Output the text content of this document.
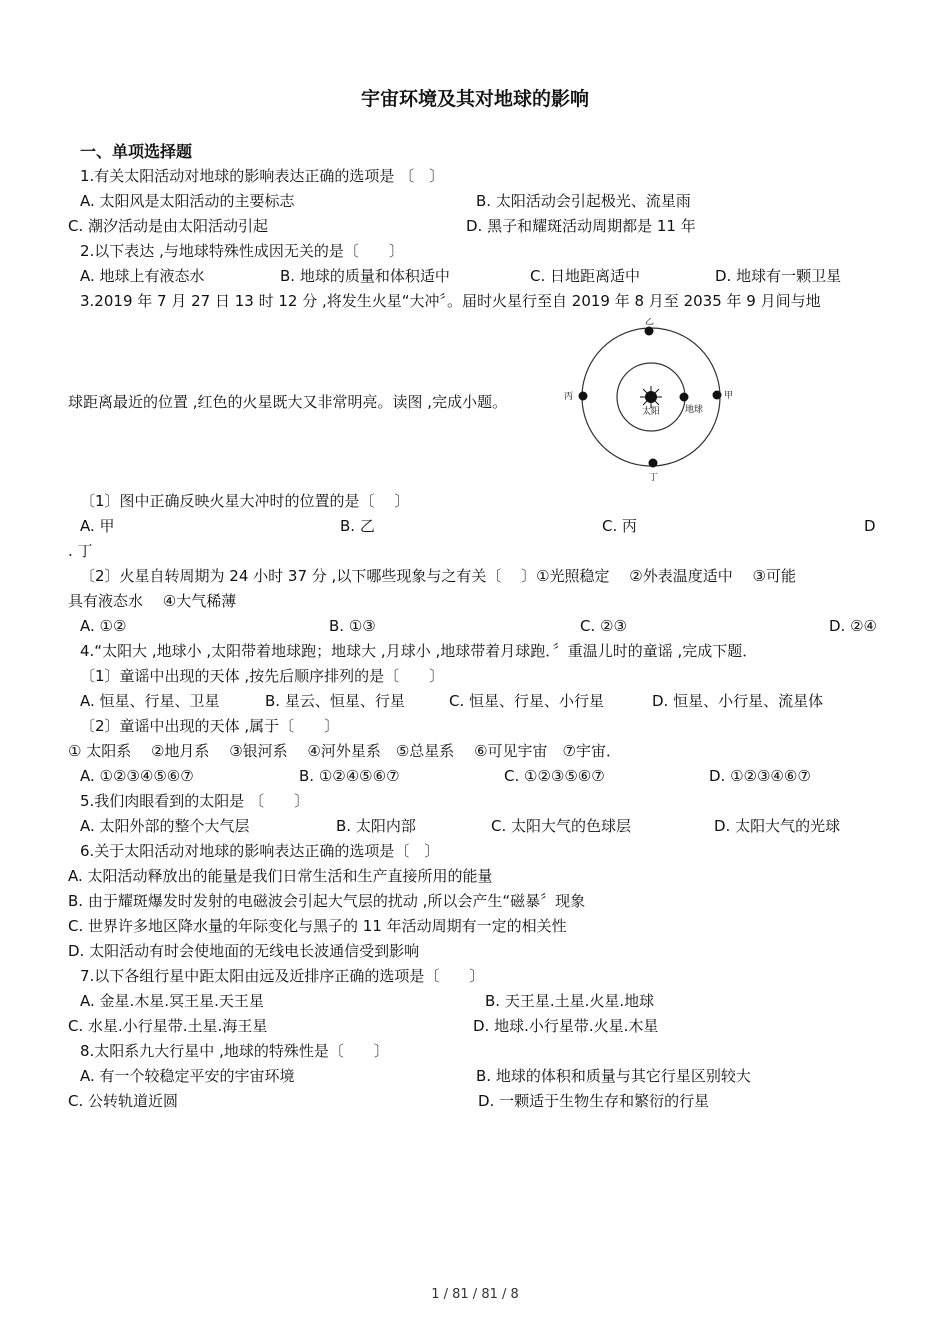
宇宙环境及其对地球的影响
一、单项选择题
1.有关太阳活动对地球的影响表达正确的选项是 〔　〕
A. 太阳风是太阳活动的主要标志	B. 太阳活动会引起极光、流星雨
C. 潮汐活动是由太阳活动引起	D. 黑子和耀斑活动周期都是 11 年
2.以下表达 ,与地球特殊性成因无关的是〔　　〕
A. 地球上有液态水	B. 地球的质量和体积适中	C. 日地距离适中	D. 地球有一颗卫星
3.2019 年 7 月 27 日 13 时 12 分 ,将发生火星“大冲〞。届时火星行至自 2019 年 8 月至 2035 年 9 月间与地
球距离最近的位置 ,红色的火星既大又非常明亮。读图 ,完成小题。
乙
甲
丙
丁
太阳	地球
〔1〕图中正确反映火星大冲时的位置的是〔　 〕
A. 甲	B. 乙	C. 丙	D
. 丁
〔2〕火星自转周期为 24 小时 37 分 ,以下哪些现象与之有关〔　 〕①光照稳定　 ②外表温度适中　 ③可能
具有液态水　 ④大气稀薄
A. ①②	B. ①③	C. ②③	D. ②④
4.“太阳大 ,地球小 ,太阳带着地球跑；地球大 ,月球小 ,地球带着月球跑．〞重温儿时的童谣 ,完成下题．
〔1〕童谣中出现的天体 ,按先后顺序排列的是〔　　〕
A. 恒星、行星、卫星	B. 星云、恒星、行星	C. 恒星、行星、小行星	D. 恒星、小行星、流星体
〔2〕童谣中出现的天体 ,属于〔　　〕
① 太阳系　 ②地月系　 ③银河系　 ④河外星系　⑤总星系　 ⑥可见宇宙　⑦宇宙．
A. ①②③④⑤⑥⑦	B. ①②④⑤⑥⑦	C. ①②③⑤⑥⑦	D. ①②③④⑥⑦
5.我们肉眼看到的太阳是 〔　　〕
A. 太阳外部的整个大气层	B. 太阳内部	C. 太阳大气的色球层	D. 太阳大气的光球
6.关于太阳活动对地球的影响表达正确的选项是〔　〕
A. 太阳活动释放出的能量是我们日常生活和生产直接所用的能量
B. 由于耀斑爆发时发射的电磁波会引起大气层的扰动 ,所以会产生“磁暴〞现象
C. 世界许多地区降水量的年际变化与黑子的 11 年活动周期有一定的相关性
D. 太阳活动有时会使地面的无线电长波通信受到影响
7.以下各组行星中距太阳由远及近排序正确的选项是〔　　〕
A. 金星.木星.冥王星.天王星	B. 天王星.土星.火星.地球
C. 水星.小行星带.土星.海王星	D. 地球.小行星带.火星.木星
8.太阳系九大行星中 ,地球的特殊性是〔　　〕
A. 有一个较稳定平安的宇宙环境	B. 地球的体积和质量与其它行星区别较大
C. 公转轨道近圆	D. 一颗适于生物生存和繁衍的行星
1 / 81 / 81 / 8
